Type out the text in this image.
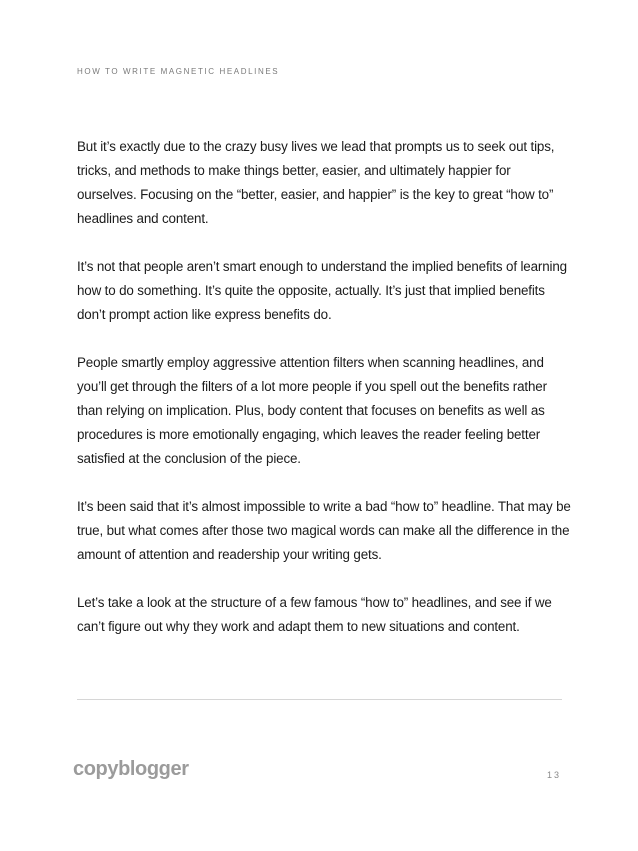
HOW TO WRITE MAGNETIC HEADLINES

But it’s exactly due to the crazy busy lives we lead that prompts us to seek out tips, tricks, and methods to make things better, easier, and ultimately happier for ourselves. Focusing on the “better, easier, and happier” is the key to great “how to” headlines and content.

It’s not that people aren’t smart enough to understand the implied benefits of learning how to do something. It’s quite the opposite, actually. It’s just that implied benefits don’t prompt action like express benefits do.

People smartly employ aggressive attention filters when scanning headlines, and you’ll get through the filters of a lot more people if you spell out the benefits rather than relying on implication. Plus, body content that focuses on benefits as well as procedures is more emotionally engaging, which leaves the reader feeling better satisfied at the conclusion of the piece.

It’s been said that it’s almost impossible to write a bad “how to” headline. That may be true, but what comes after those two magical words can make all the difference in the amount of attention and readership your writing gets.

Let’s take a look at the structure of a few famous “how to” headlines, and see if we can’t figure out why they work and adapt them to new situations and content.

copyblogger	13
